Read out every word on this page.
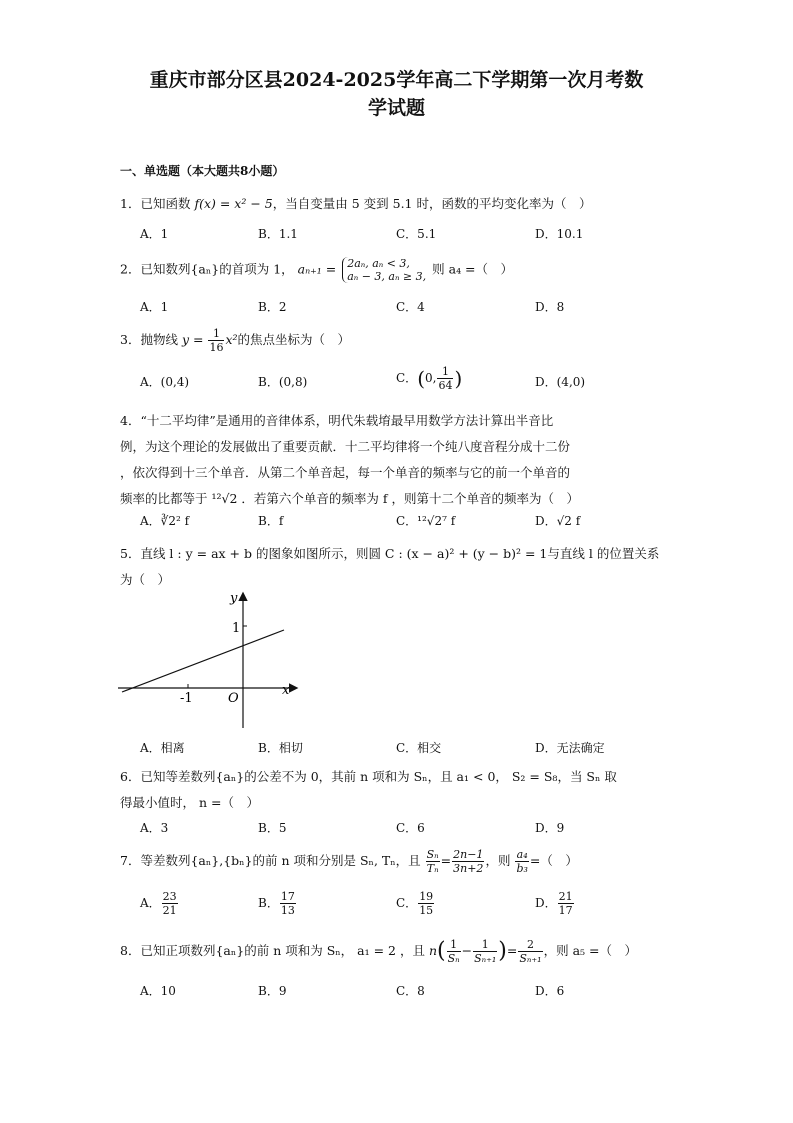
重庆市部分区县2024-2025学年高二下学期第一次月考数
学试题
一、单选题（本大题共8小题）
1．已知函数 f(x) = x² − 5，当自变量由 5 变到 5.1 时，函数的平均变化率为（　）
A．1	B．1.1	C．5.1	D．10.1
2．已知数列{aₙ}的首项为 1， aₙ₊₁ = 2aₙ, aₙ < 3,
aₙ − 3, aₙ ≥ 3, 则 a₄ =（　）
A．1	B．2	C．4	D．8
3．抛物线 $y = \frac{1}{16} x^2$的焦点坐标为（　）
A．(0,4)	B．(0,8)	C．(0, $\frac{1}{64}$ )	D．(4,0)
4．“十二平均律”是通用的音律体系，明代朱载堉最早用数学方法计算出半音比
例，为这个理论的发展做出了重要贡献．十二平均律将一个纯八度音程分成十二份
，依次得到十三个单音．从第二个单音起，每一个单音的频率与它的前一个单音的
频率的比都等于 ¹²√2 ．若第六个单音的频率为 f ，则第十二个单音的频率为（　）
A．∛2² f	B．f	C．¹²√2⁷ f	D．√2 f
5．直线 l : y = ax + b 的图象如图所示，则圆 C : (x − a)² + (y − b)² = 1与直线 l 的位置关系
为（　）
y
x
O
1
-1
A．相离	B．相切	C．相交	D．无法确定
6．已知等差数列{aₙ}的公差不为 0，其前 n 项和为 Sₙ，且 a₁ < 0， S₂ = S₈，当 Sₙ 取
得最小值时， n =（　）
A．3	B．5	C．6	D．9
7．等差数列{aₙ},{bₙ}的前 n 项和分别是 Sₙ, Tₙ，且 $\frac{\text{Sₙ}}{\text{Tₙ}} = \frac{2n-1}{3n+2}$ ，则 $\frac{\text{a₄}}{\text{b₃}}$ =（　）
A． $\frac{23}{21}$	B． $\frac{17}{13}$	C． $\frac{19}{15}$	D． $\frac{21}{17}$
8．已知正项数列{aₙ}的前 n 项和为 Sₙ， a₁ = 2 ，且 $n( \frac{1}{\text{Sₙ}} - \frac{1}{\text{Sₙ₊₁}}$ )= $\frac{2}{\text{Sₙ₊₁}}$ ，则 a₅ =（　）
A．10	B．9	C．8	D．6
